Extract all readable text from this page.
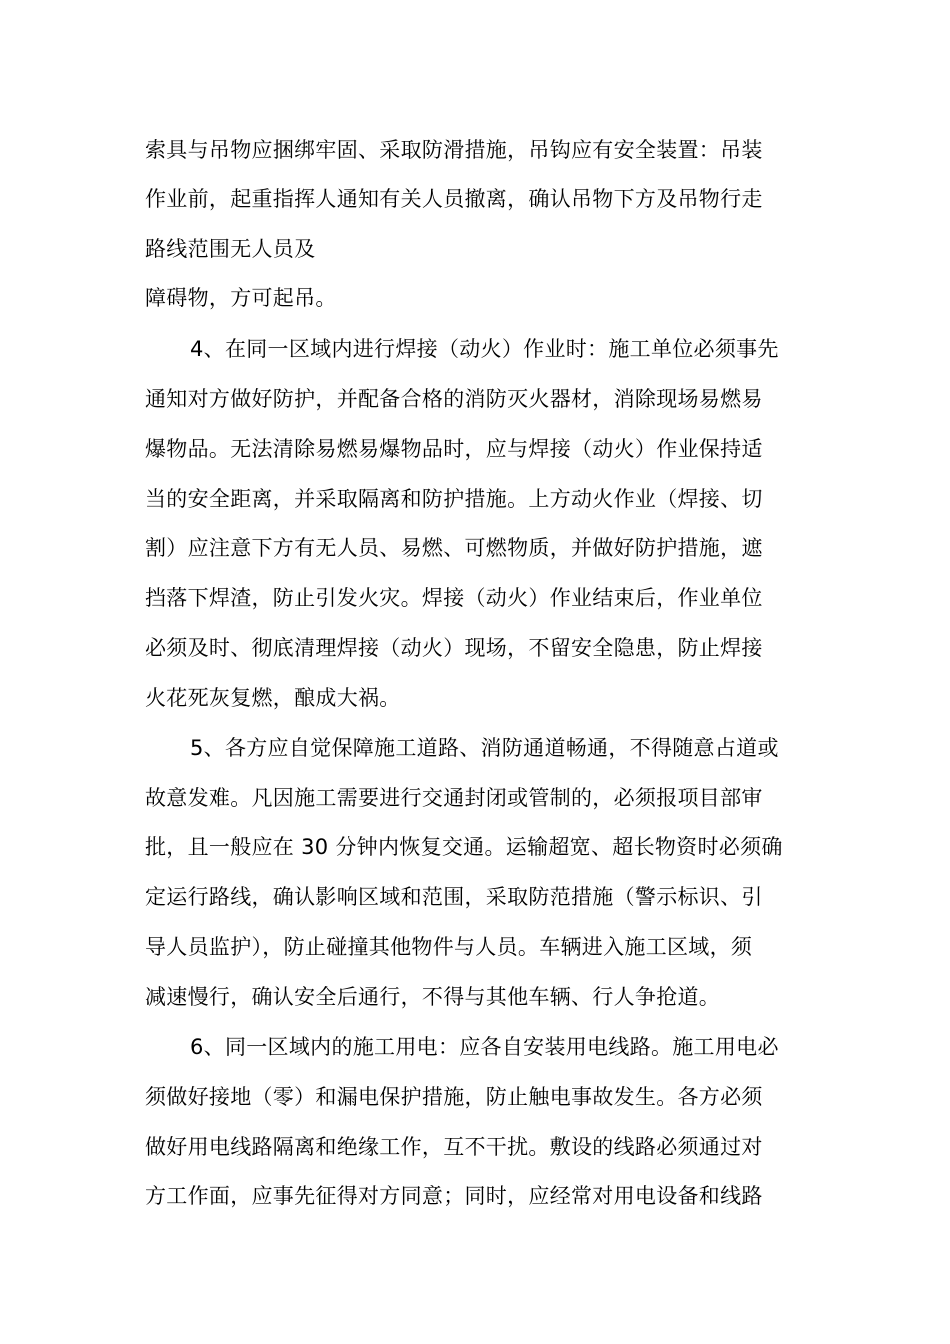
索具与吊物应捆绑牢固、采取防滑措施，吊钩应有安全装置：吊装
作业前，起重指挥人通知有关人员撤离，确认吊物下方及吊物行走
路线范围无人员及
障碍物，方可起吊。
4、在同一区域内进行焊接（动火）作业时：施工单位必须事先
通知对方做好防护，并配备合格的消防灭火器材，消除现场易燃易
爆物品。无法清除易燃易爆物品时，应与焊接（动火）作业保持适
当的安全距离，并采取隔离和防护措施。上方动火作业（焊接、切
割）应注意下方有无人员、易燃、可燃物质，并做好防护措施，遮
挡落下焊渣，防止引发火灾。焊接（动火）作业结束后，作业单位
必须及时、彻底清理焊接（动火）现场，不留安全隐患，防止焊接
火花死灰复燃，酿成大祸。
5、各方应自觉保障施工道路、消防通道畅通，不得随意占道或
故意发难。凡因施工需要进行交通封闭或管制的，必须报项目部审
批，且一般应在 30 分钟内恢复交通。运输超宽、超长物资时必须确
定运行路线，确认影响区域和范围，采取防范措施（警示标识、引
导人员监护），防止碰撞其他物件与人员。车辆进入施工区域，须
减速慢行，确认安全后通行，不得与其他车辆、行人争抢道。
6、同一区域内的施工用电：应各自安装用电线路。施工用电必
须做好接地（零）和漏电保护措施，防止触电事故发生。各方必须
做好用电线路隔离和绝缘工作，互不干扰。敷设的线路必须通过对
方工作面，应事先征得对方同意；同时，应经常对用电设备和线路
